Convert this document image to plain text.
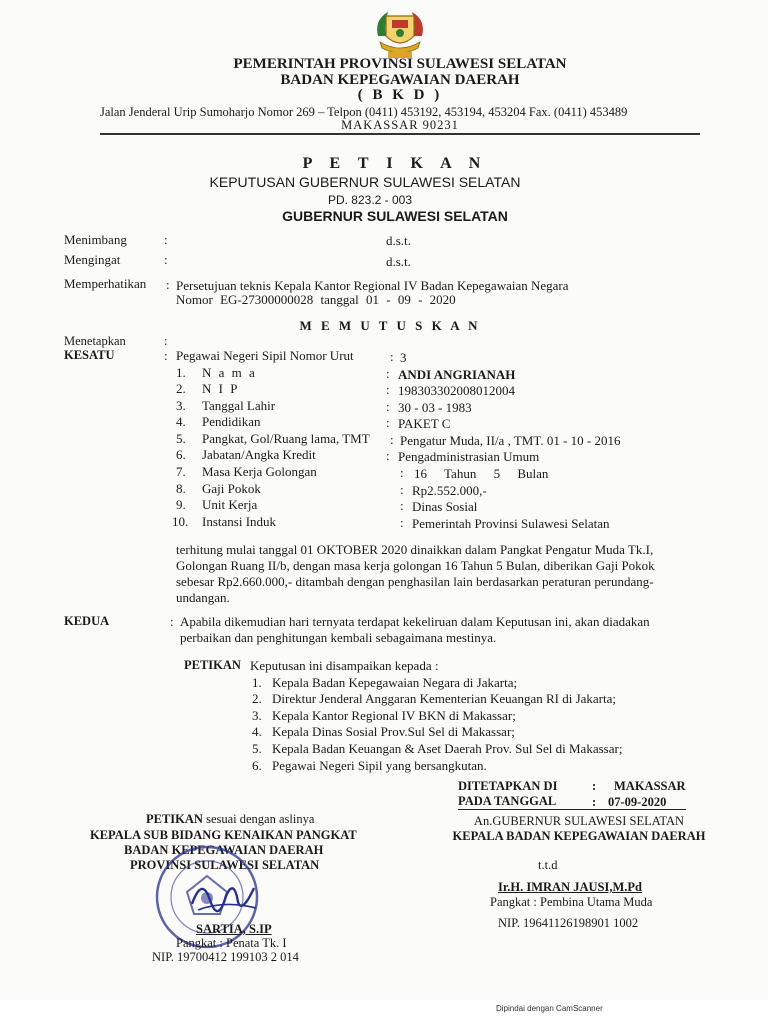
PEMERINTAH PROVINSI SULAWESI SELATAN
BADAN KEPEGAWAIAN DAERAH
( B K D )
Jalan Jenderal Urip Sumoharjo Nomor 269 – Telpon (0411) 453192, 453194, 453204 Fax. (0411) 453489
MAKASSAR 90231
P E T I K A N
KEPUTUSAN GUBERNUR SULAWESI SELATAN
PD. 823.2 - 003
GUBERNUR SULAWESI SELATAN
Menimbang	:	d.s.t.
Mengingat	:	d.s.t.
Memperhatikan : Persetujuan teknis Kepala Kantor Regional IV Badan Kepegawaian Negara
Nomor EG-27300000028 tanggal 01 - 09 - 2020
M E M U T U S K A N
Menetapkan	:
KESATU	: Pegawai Negeri Sipil Nomor Urut	: 3
1. N a m a	: ANDI ANGRIANAH
2. N I P	: 198303302008012004
3. Tanggal Lahir	: 30 - 03 - 1983
4. Pendidikan	: PAKET C
5. Pangkat, Gol/Ruang lama, TMT : Pengatur Muda, II/a , TMT. 01 - 10 - 2016
6. Jabatan/Angka Kredit	: Pengadministrasian Umum
7. Masa Kerja Golongan	: 16 Tahun 5 Bulan
8. Gaji Pokok	: Rp2.552.000,-
9. Unit Kerja	: Dinas Sosial
10. Instansi Induk	: Pemerintah Provinsi Sulawesi Selatan
terhitung mulai tanggal 01 OKTOBER 2020 dinaikkan dalam Pangkat Pengatur Muda Tk.I,
Golongan Ruang II/b, dengan masa kerja golongan 16 Tahun 5 Bulan, diberikan Gaji Pokok
sebesar Rp2.660.000,- ditambah dengan penghasilan lain berdasarkan peraturan perundang-
undangan.
KEDUA	: Apabila dikemudian hari ternyata terdapat kekeliruan dalam Keputusan ini, akan diadakan
perbaikan dan penghitungan kembali sebagaimana mestinya.
PETIKAN Keputusan ini disampaikan kepada :
1. Kepala Badan Kepegawaian Negara di Jakarta;
2. Direktur Jenderal Anggaran Kementerian Keuangan RI di Jakarta;
3. Kepala Kantor Regional IV BKN di Makassar;
4. Kepala Dinas Sosial Prov.Sul Sel di Makassar;
5. Kepala Badan Keuangan & Aset Daerah Prov. Sul Sel di Makassar;
6. Pegawai Negeri Sipil yang bersangkutan.
DITETAPKAN DI	: MAKASSAR
PADA TANGGAL	: 07-09-2020
An.GUBERNUR SULAWESI SELATAN
KEPALA BADAN KEPEGAWAIAN DAERAH
t.t.d
Ir.H. IMRAN JAUSI,M.Pd
Pangkat : Pembina Utama Muda
NIP. 19641126198901 1002
PETIKAN sesuai dengan aslinya
KEPALA SUB BIDANG KENAIKAN PANGKAT
BADAN KEPEGAWAIAN DAERAH
PROVINSI SULAWESI SELATAN
SARTIA, S.IP
Pangkat : Penata Tk. I
NIP. 19700412 199103 2 014
Dipindai dengan CamScanner
